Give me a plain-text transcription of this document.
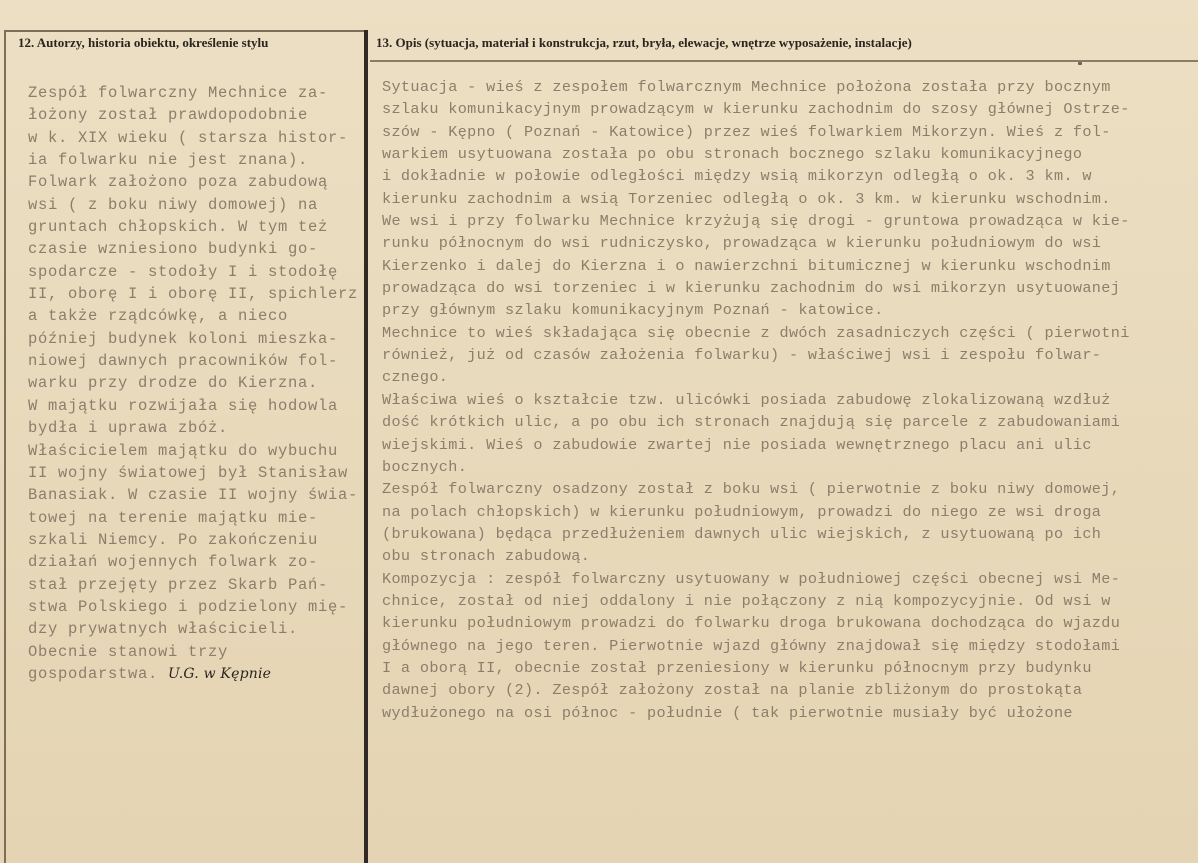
12. Autorzy, historia obiektu, określenie stylu	13. Opis (sytuacja, materiał i konstrukcja, rzut, bryła, elewacje, wnętrze wyposażenie, instalacje)
Zespół folwarczny Mechnice za-
łożony został prawdopodobnie
w k. XIX wieku ( starsza histor-
ia folwarku nie jest znana).
Folwark założono poza zabudową
wsi ( z boku niwy domowej) na
gruntach chłopskich. W tym też
czasie wzniesiono budynki go-
spodarcze - stodoły I i stodołę
II, oborę I i oborę II, spichlerz
a także rządcówkę, a nieco
później budynek koloni mieszka-
niowej dawnych pracowników fol-
warku przy drodze do Kierzna.
W majątku rozwijała się hodowla
bydła i uprawa zbóż.
Właścicielem majątku do wybuchu
II wojny światowej był Stanisław
Banasiak. W czasie II wojny świa-
towej na terenie majątku mie-
szkali Niemcy. Po zakończeniu
działań wojennych folwark zo-
stał przejęty przez Skarb Pań-
stwa Polskiego i podzielony mię-
dzy prywatnych właścicieli.
Obecnie stanowi trzy
gospodarstwa. U.G. w Kępnie
Sytuacja - wieś z zespołem folwarcznym Mechnice położona została przy bocznym
szlaku komunikacyjnym prowadzącym w kierunku zachodnim do szosy głównej Ostrze-
szów - Kępno ( Poznań - Katowice) przez wieś folwarkiem Mikorzyn. Wieś z fol-
warkiem usytuowana została po obu stronach bocznego szlaku komunikacyjnego
i dokładnie w połowie odległości między wsią mikorzyn odległą o ok. 3 km. w
kierunku zachodnim a wsią Torzeniec odległą o ok. 3 km. w kierunku wschodnim.
We wsi i przy folwarku Mechnice krzyżują się drogi - gruntowa prowadząca w kie-
runku północnym do wsi rudniczysko, prowadząca w kierunku południowym do wsi
Kierzenko i dalej do Kierzna i o nawierzchni bitumicznej w kierunku wschodnim
prowadząca do wsi torzeniec i w kierunku zachodnim do wsi mikorzyn usytuowanej
przy głównym szlaku komunikacyjnym Poznań - katowice.
Mechnice to wieś składająca się obecnie z dwóch zasadniczych części ( pierwotni
również, już od czasów założenia folwarku) - właściwej wsi i zespołu folwar-
cznego.
Właściwa wieś o kształcie tzw. ulicówki posiada zabudowę zlokalizowaną wzdłuż
dość krótkich ulic, a po obu ich stronach znajdują się parcele z zabudowaniami
wiejskimi. Wieś o zabudowie zwartej nie posiada wewnętrznego placu ani ulic
bocznych.
Zespół folwarczny osadzony został z boku wsi ( pierwotnie z boku niwy domowej,
na polach chłopskich) w kierunku południowym, prowadzi do niego ze wsi droga
(brukowana) będąca przedłużeniem dawnych ulic wiejskich, z usytuowaną po ich
obu stronach zabudową.
Kompozycja : zespół folwarczny usytuowany w południowej części obecnej wsi Me-
chnice, został od niej oddalony i nie połączony z nią kompozycyjnie. Od wsi w
kierunku południowym prowadzi do folwarku droga brukowana dochodząca do wjazdu
głównego na jego teren. Pierwotnie wjazd główny znajdował się między stodołami
I a oborą II, obecnie został przeniesiony w kierunku północnym przy budynku
dawnej obory (2). Zespół założony został na planie zbliżonym do prostokąta
wydłużonego na osi północ - południe ( tak pierwotnie musiały być ułożone
